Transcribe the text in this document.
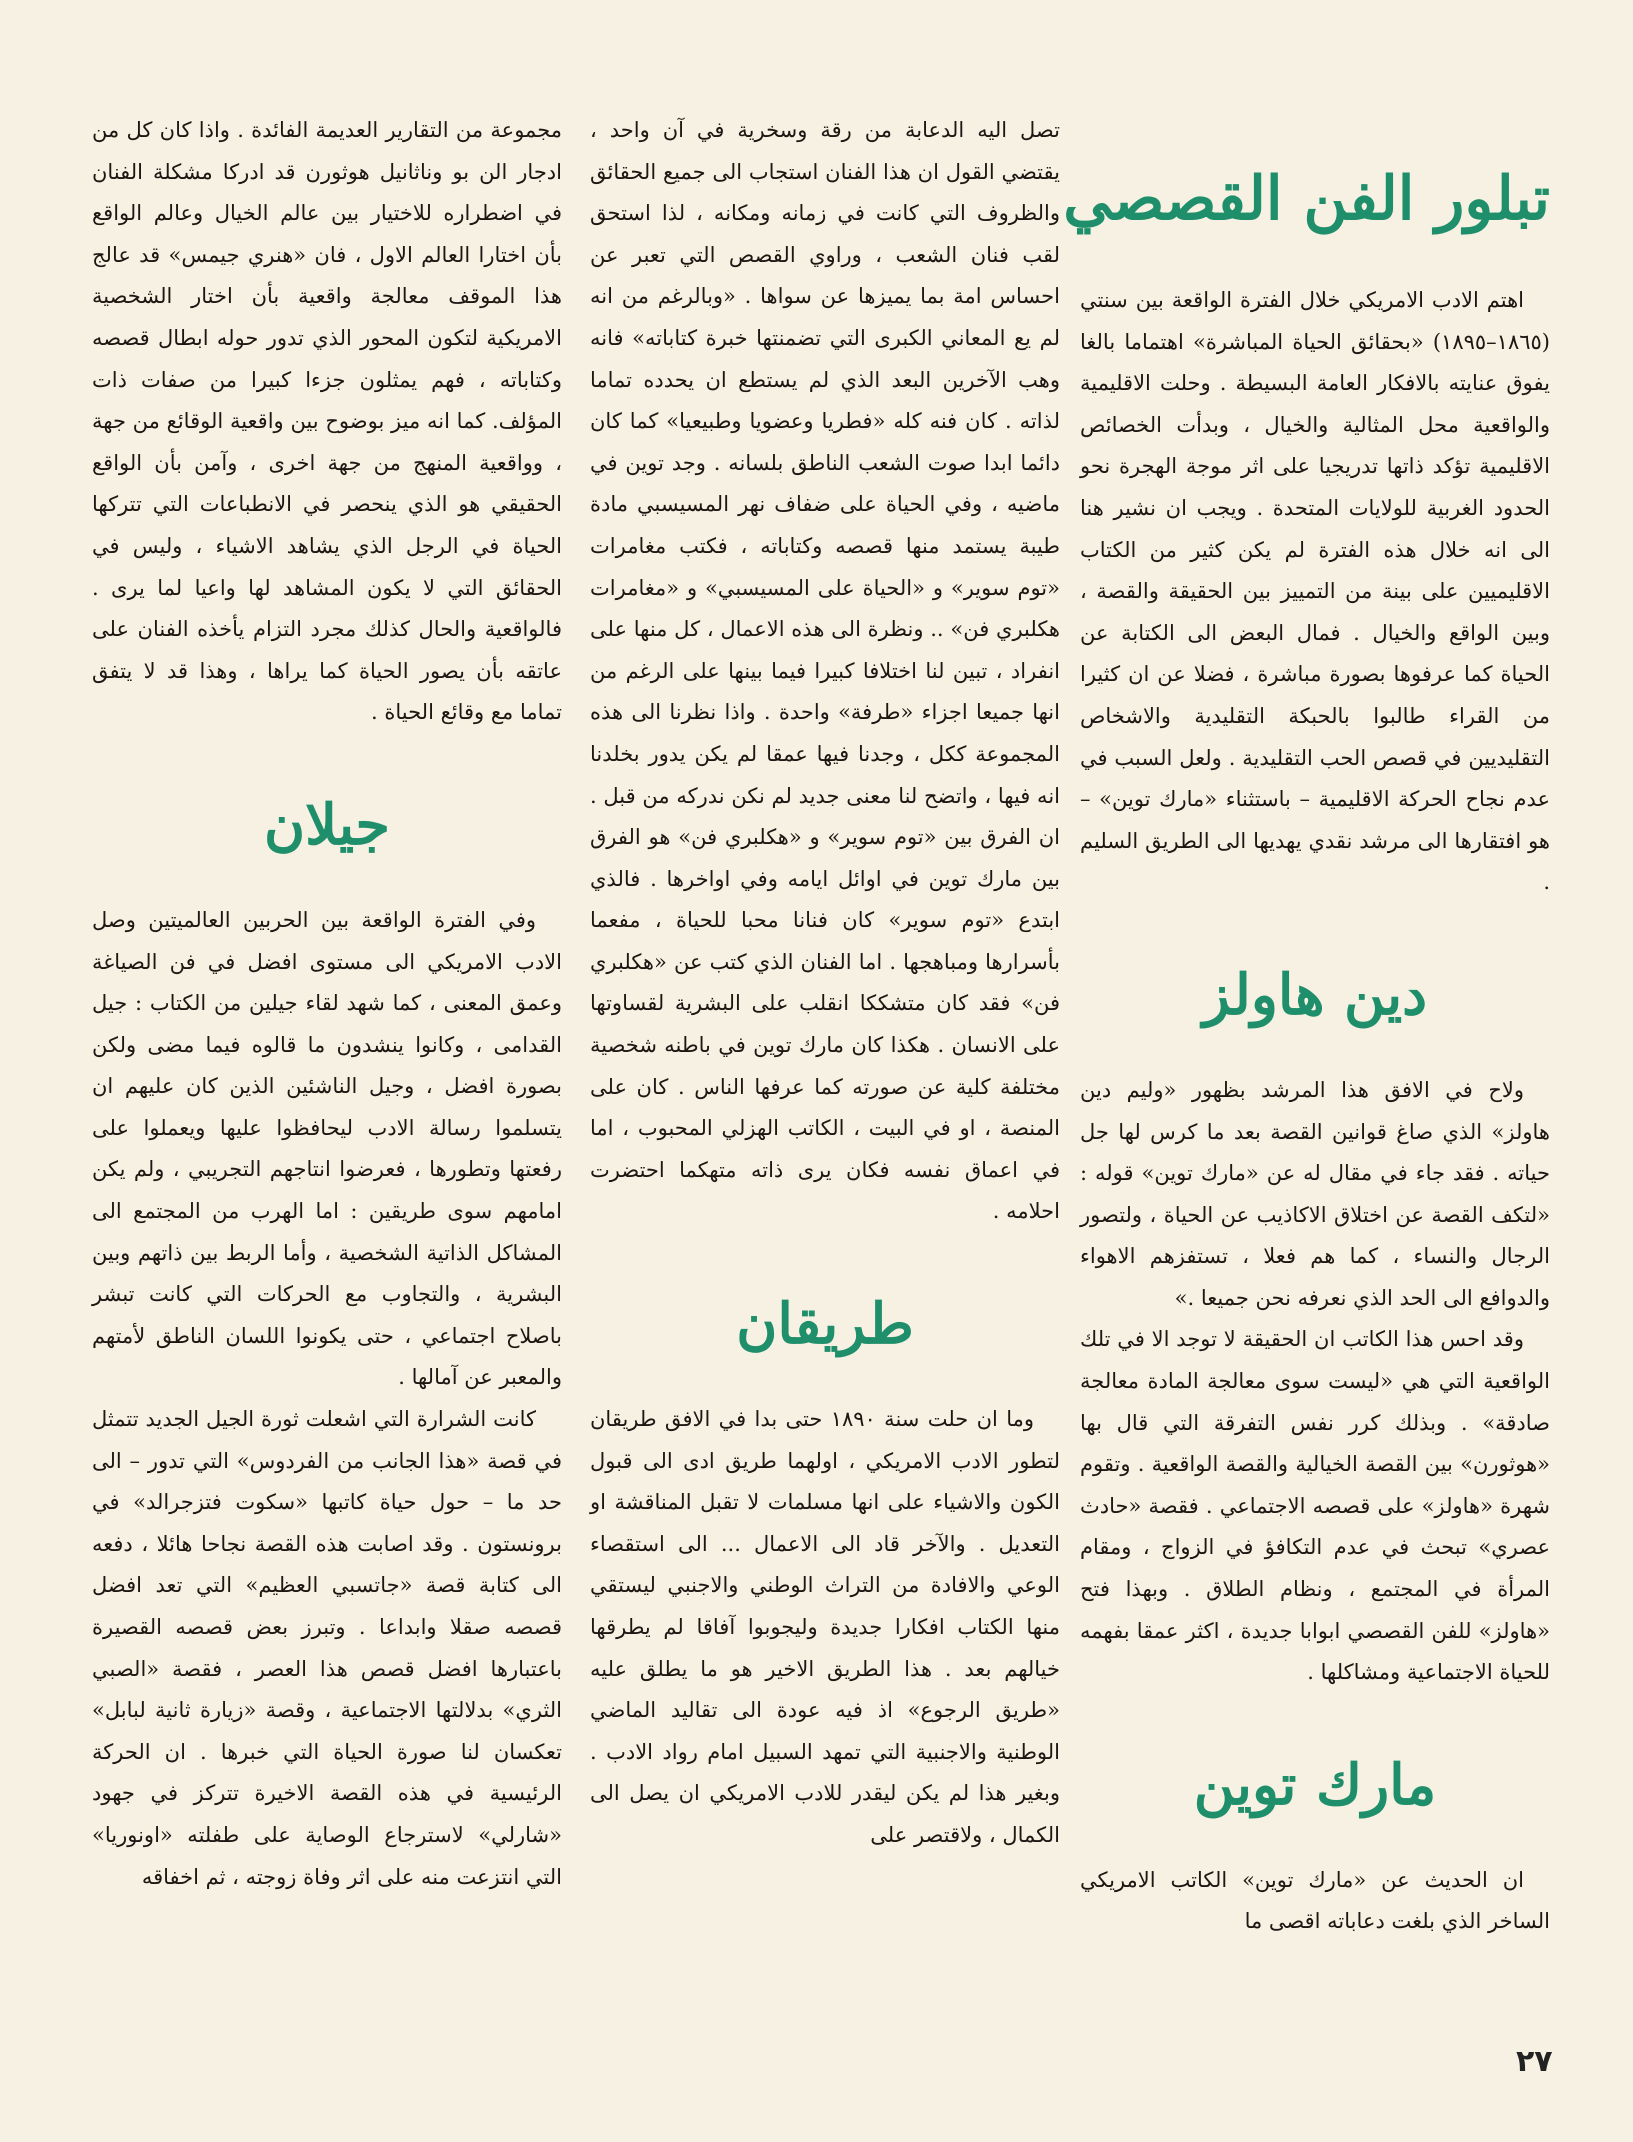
تبلور الفن القصصي

اهتم الادب الامريكي خلال الفترة الواقعة بين سنتي (١٨٦٥–١٨٩٥) «بحقائق الحياة المباشرة» اهتماما بالغا يفوق عنايته بالافكار العامة البسيطة . وحلت الاقليمية والواقعية محل المثالية والخيال ، وبدأت الخصائص الاقليمية تؤكد ذاتها تدريجيا على اثر موجة الهجرة نحو الحدود الغربية للولايات المتحدة . ويجب ان نشير هنا الى انه خلال هذه الفترة لم يكن كثير من الكتاب الاقليميين على بينة من التمييز بين الحقيقة والقصة ، وبين الواقع والخيال . فمال البعض الى الكتابة عن الحياة كما عرفوها بصورة مباشرة ، فضلا عن ان كثيرا من القراء طالبوا بالحبكة التقليدية والاشخاص التقليديين في قصص الحب التقليدية . ولعل السبب في عدم نجاح الحركة الاقليمية – باستثناء «مارك توين» – هو افتقارها الى مرشد نقدي يهديها الى الطريق السليم .

دين هاولز

ولاح في الافق هذا المرشد بظهور «وليم دين هاولز» الذي صاغ قوانين القصة بعد ما كرس لها جل حياته . فقد جاء في مقال له عن «مارك توين» قوله : «لتكف القصة عن اختلاق الاكاذيب عن الحياة ، ولتصور الرجال والنساء ، كما هم فعلا ، تستفزهم الاهواء والدوافع الى الحد الذي نعرفه نحن جميعا .»

وقد احس هذا الكاتب ان الحقيقة لا توجد الا في تلك الواقعية التي هي «ليست سوى معالجة المادة معالجة صادقة» . وبذلك كرر نفس التفرقة التي قال بها «هوثورن» بين القصة الخيالية والقصة الواقعية . وتقوم شهرة «هاولز» على قصصه الاجتماعي . فقصة «حادث عصري» تبحث في عدم التكافؤ في الزواج ، ومقام المرأة في المجتمع ، ونظام الطلاق . وبهذا فتح «هاولز» للفن القصصي ابوابا جديدة ، اكثر عمقا بفهمه للحياة الاجتماعية ومشاكلها .

مارك توين

ان الحديث عن «مارك توين» الكاتب الامريكي الساخر الذي بلغت دعاباته اقصى ما

تصل اليه الدعابة من رقة وسخرية في آن واحد ، يقتضي القول ان هذا الفنان استجاب الى جميع الحقائق والظروف التي كانت في زمانه ومكانه ، لذا استحق لقب فنان الشعب ، وراوي القصص التي تعبر عن احساس امة بما يميزها عن سواها . «وبالرغم من انه لم يع المعاني الكبرى التي تضمنتها خبرة كتاباته» فانه وهب الآخرين البعد الذي لم يستطع ان يحدده تماما لذاته . كان فنه كله «فطريا وعضويا وطبيعيا» كما كان دائما ابدا صوت الشعب الناطق بلسانه . وجد توين في ماضيه ، وفي الحياة على ضفاف نهر المسيسبي مادة طيبة يستمد منها قصصه وكتاباته ، فكتب مغامرات «توم سوير» و «الحياة على المسيسبي» و «مغامرات هكلبري فن» .. ونظرة الى هذه الاعمال ، كل منها على انفراد ، تبين لنا اختلافا كبيرا فيما بينها على الرغم من انها جميعا اجزاء «طرفة» واحدة . واذا نظرنا الى هذه المجموعة ككل ، وجدنا فيها عمقا لم يكن يدور بخلدنا انه فيها ، واتضح لنا معنى جديد لم نكن ندركه من قبل . ان الفرق بين «توم سوير» و «هكلبري فن» هو الفرق بين مارك توين في اوائل ايامه وفي اواخرها . فالذي ابتدع «توم سوير» كان فنانا محبا للحياة ، مفعما بأسرارها ومباهجها . اما الفنان الذي كتب عن «هكلبري فن» فقد كان متشككا انقلب على البشرية لقساوتها على الانسان . هكذا كان مارك توين في باطنه شخصية مختلفة كلية عن صورته كما عرفها الناس . كان على المنصة ، او في البيت ، الكاتب الهزلي المحبوب ، اما في اعماق نفسه فكان يرى ذاته متهكما احتضرت احلامه .

طريقان

وما ان حلت سنة ١٨٩٠ حتى بدا في الافق طريقان لتطور الادب الامريكي ، اولهما طريق ادى الى قبول الكون والاشياء على انها مسلمات لا تقبل المناقشة او التعديل . والآخر قاد الى الاعمال ... الى استقصاء الوعي والافادة من التراث الوطني والاجنبي ليستقي منها الكتاب افكارا جديدة وليجوبوا آفاقا لم يطرقها خيالهم بعد . هذا الطريق الاخير هو ما يطلق عليه «طريق الرجوع» اذ فيه عودة الى تقاليد الماضي الوطنية والاجنبية التي تمهد السبيل امام رواد الادب . وبغير هذا لم يكن ليقدر للادب الامريكي ان يصل الى الكمال ، ولاقتصر على

مجموعة من التقارير العديمة الفائدة . واذا كان كل من ادجار الن بو وناثانيل هوثورن قد ادركا مشكلة الفنان في اضطراره للاختيار بين عالم الخيال وعالم الواقع بأن اختارا العالم الاول ، فان «هنري جيمس» قد عالج هذا الموقف معالجة واقعية بأن اختار الشخصية الامريكية لتكون المحور الذي تدور حوله ابطال قصصه وكتاباته ، فهم يمثلون جزءا كبيرا من صفات ذات المؤلف. كما انه ميز بوضوح بين واقعية الوقائع من جهة ، وواقعية المنهج من جهة اخرى ، وآمن بأن الواقع الحقيقي هو الذي ينحصر في الانطباعات التي تتركها الحياة في الرجل الذي يشاهد الاشياء ، وليس في الحقائق التي لا يكون المشاهد لها واعيا لما يرى . فالواقعية والحال كذلك مجرد التزام يأخذه الفنان على عاتقه بأن يصور الحياة كما يراها ، وهذا قد لا يتفق تماما مع وقائع الحياة .

جيلان

وفي الفترة الواقعة بين الحربين العالميتين وصل الادب الامريكي الى مستوى افضل في فن الصياغة وعمق المعنى ، كما شهد لقاء جيلين من الكتاب : جيل القدامى ، وكانوا ينشدون ما قالوه فيما مضى ولكن بصورة افضل ، وجيل الناشئين الذين كان عليهم ان يتسلموا رسالة الادب ليحافظوا عليها ويعملوا على رفعتها وتطورها ، فعرضوا انتاجهم التجريبي ، ولم يكن امامهم سوى طريقين : اما الهرب من المجتمع الى المشاكل الذاتية الشخصية ، وأما الربط بين ذاتهم وبين البشرية ، والتجاوب مع الحركات التي كانت تبشر باصلاح اجتماعي ، حتى يكونوا اللسان الناطق لأمتهم والمعبر عن آمالها .

كانت الشرارة التي اشعلت ثورة الجيل الجديد تتمثل في قصة «هذا الجانب من الفردوس» التي تدور – الى حد ما – حول حياة كاتبها «سكوت فتزجرالد» في برونستون . وقد اصابت هذه القصة نجاحا هائلا ، دفعه الى كتابة قصة «جاتسبي العظيم» التي تعد افضل قصصه صقلا وابداعا . وتبرز بعض قصصه القصيرة باعتبارها افضل قصص هذا العصر ، فقصة «الصبي الثري» بدلالتها الاجتماعية ، وقصة «زيارة ثانية لبابل» تعكسان لنا صورة الحياة التي خبرها . ان الحركة الرئيسية في هذه القصة الاخيرة تتركز في جهود «شارلي» لاسترجاع الوصاية على طفلته «اونوريا» التي انتزعت منه على اثر وفاة زوجته ، ثم اخفاقه

٢٧
